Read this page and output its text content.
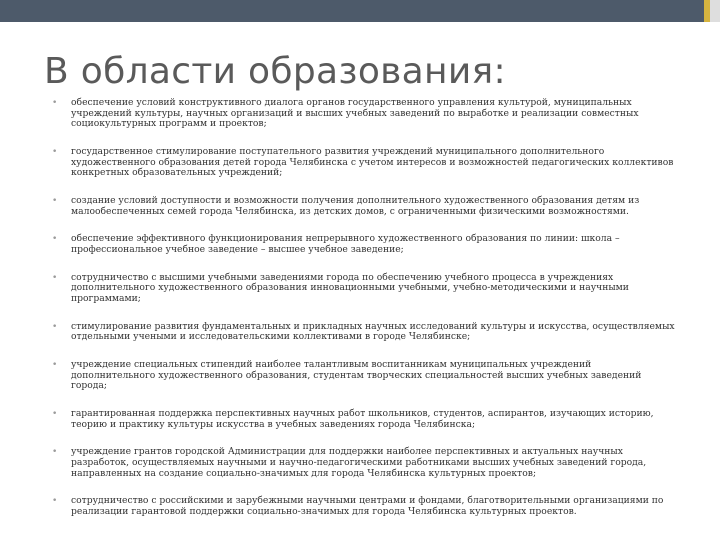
В области образования:
• обеспечение условий конструктивного диалога органов государственного управления культурой, муниципальных учреждений культуры, научных организаций и высших учебных заведений по выработке и реализации совместных социокультурных программ и проектов;
• государственное стимулирование поступательного развития учреждений муниципального дополнительного художественного образования детей города Челябинска с учетом интересов и возможностей педагогических коллективов конкретных образовательных учреждений;
• создание условий доступности и возможности получения дополнительного художественного образования детям из малообеспеченных семей города Челябинска, из детских домов, с ограниченными физическими возможностями.
• обеспечение эффективного функционирования непрерывного художественного образования по линии: школа – профессиональное учебное заведение – высшее учебное заведение;
• сотрудничество с высшими учебными заведениями города по обеспечению учебного процесса в учреждениях дополнительного художественного образования инновационными учебными, учебно-методическими и научными программами;
• стимулирование развития фундаментальных и прикладных научных исследований культуры и искусства, осуществляемых отдельными учеными и исследовательскими коллективами в городе Челябинске;
• учреждение специальных стипендий наиболее талантливым воспитанникам муниципальных учреждений дополнительного художественного образования, студентам творческих специальностей высших учебных заведений города;
• гарантированная поддержка перспективных научных работ школьников, студентов, аспирантов, изучающих историю, теорию и практику культуры искусства в учебных заведениях города Челябинска;
• учреждение грантов городской Администрации для поддержки наиболее перспективных и актуальных научных разработок, осуществляемых научными и научно-педагогическими работниками высших учебных заведений города, направленных на создание социально-значимых для города Челябинска культурных проектов;
• сотрудничество с российскими и зарубежными научными центрами и фондами, благотворительными организациями по реализации гарантовой поддержки социально-значимых для города Челябинска культурных проектов.
